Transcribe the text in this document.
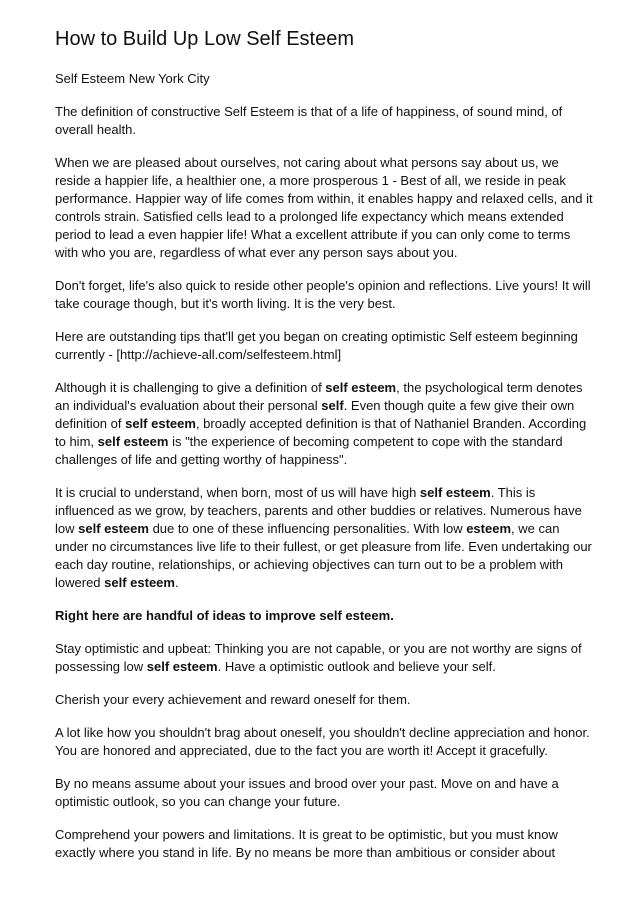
How to Build Up Low Self Esteem

Self Esteem New York City

The definition of constructive Self Esteem is that of a life of happiness, of sound mind, of overall health.

When we are pleased about ourselves, not caring about what persons say about us, we reside a happier life, a healthier one, a more prosperous 1 - Best of all, we reside in peak performance. Happier way of life comes from within, it enables happy and relaxed cells, and it controls strain. Satisfied cells lead to a prolonged life expectancy which means extended period to lead a even happier life! What a excellent attribute if you can only come to terms with who you are, regardless of what ever any person says about you.

Don't forget, life's also quick to reside other people's opinion and reflections. Live yours! It will take courage though, but it's worth living. It is the very best.

Here are outstanding tips that'll get you began on creating optimistic Self esteem beginning currently - [http://achieve-all.com/selfesteem.html]

Although it is challenging to give a definition of self esteem, the psychological term denotes an individual's evaluation about their personal self. Even though quite a few give their own definition of self esteem, broadly accepted definition is that of Nathaniel Branden. According to him, self esteem is "the experience of becoming competent to cope with the standard challenges of life and getting worthy of happiness".

It is crucial to understand, when born, most of us will have high self esteem. This is influenced as we grow, by teachers, parents and other buddies or relatives. Numerous have low self esteem due to one of these influencing personalities. With low esteem, we can under no circumstances live life to their fullest, or get pleasure from life. Even undertaking our each day routine, relationships, or achieving objectives can turn out to be a problem with lowered self esteem.

Right here are handful of ideas to improve self esteem.

Stay optimistic and upbeat: Thinking you are not capable, or you are not worthy are signs of possessing low self esteem. Have a optimistic outlook and believe your self.

Cherish your every achievement and reward oneself for them.

A lot like how you shouldn't brag about oneself, you shouldn't decline appreciation and honor. You are honored and appreciated, due to the fact you are worth it! Accept it gracefully.

By no means assume about your issues and brood over your past. Move on and have a optimistic outlook, so you can change your future.

Comprehend your powers and limitations. It is great to be optimistic, but you must know exactly where you stand in life. By no means be more than ambitious or consider about
